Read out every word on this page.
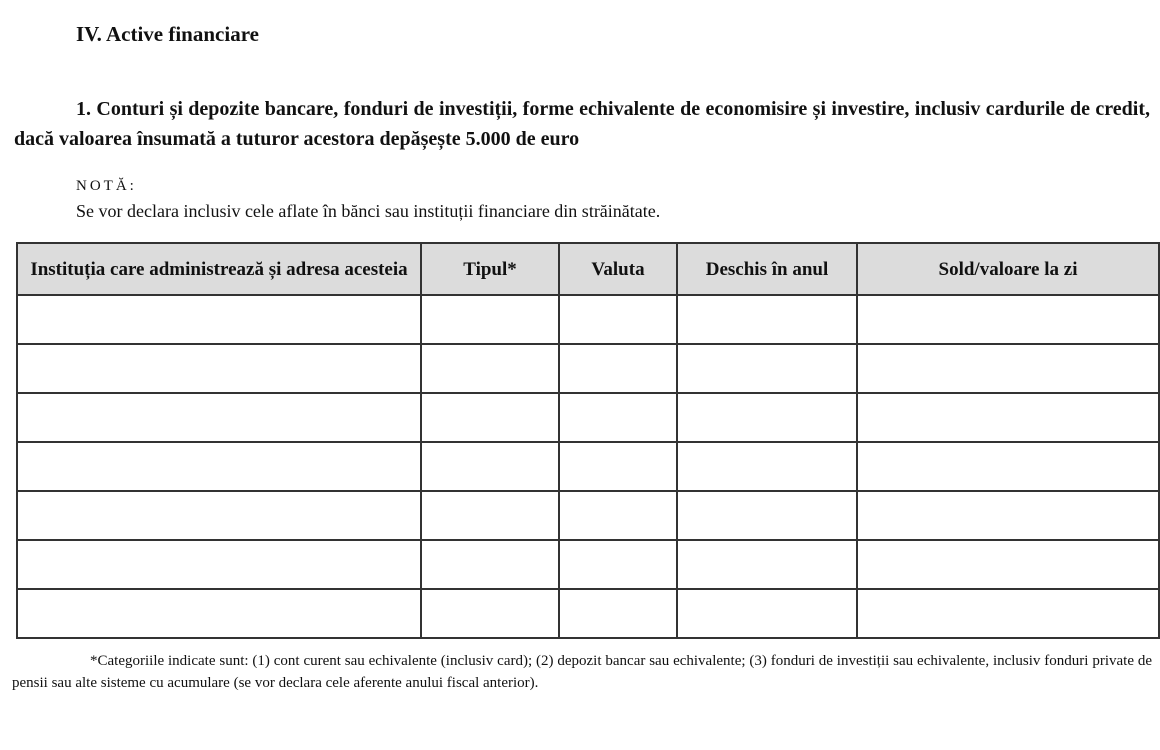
IV. Active financiare

1. Conturi și depozite bancare, fonduri de investiții, forme echivalente de economisire și investire, inclusiv cardurile de credit, dacă valoarea însumată a tuturor acestora depășește 5.000 de euro

NOTĂ:
Se vor declara inclusiv cele aflate în bănci sau instituții financiare din străinătate.
Instituția care administrează și adresa acesteia	Tipul*	Valuta	Deschis în anul	Sold/valoare la zi

*Categoriile indicate sunt: (1) cont curent sau echivalente (inclusiv card); (2) depozit bancar sau echivalente; (3) fonduri de investiții sau echivalente, inclusiv fonduri private de pensii sau alte sisteme cu acumulare (se vor declara cele aferente anului fiscal anterior).
